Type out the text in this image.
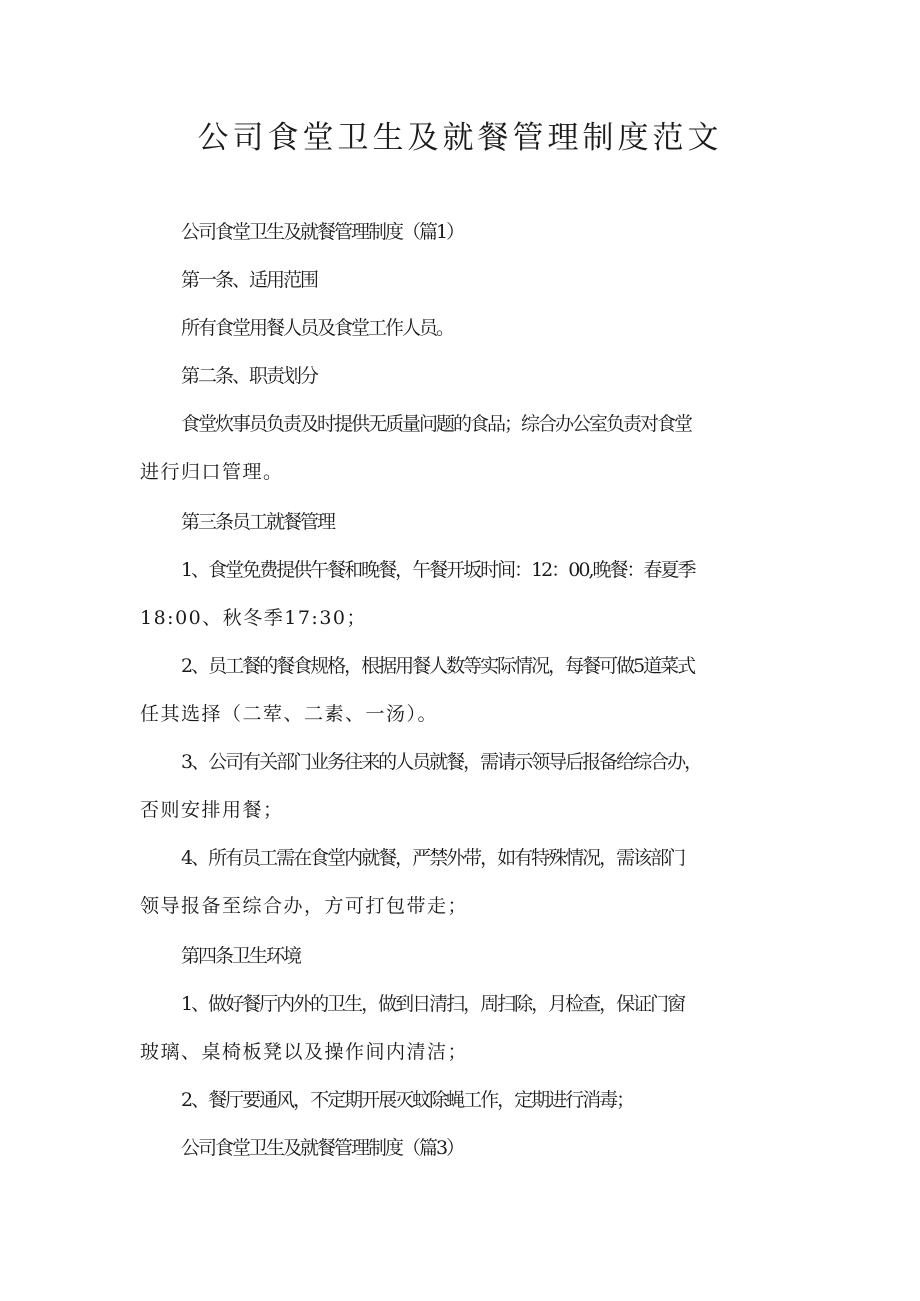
公司食堂卫生及就餐管理制度范文

公司食堂卫生及就餐管理制度（篇1）

第一条、适用范围

所有食堂用餐人员及食堂工作人员。

第二条、职责划分

食堂炊事员负责及时提供无质量问题的食品；综合办公室负责对食堂

进行归口管理。

第三条员工就餐管理

1、食堂免费提供午餐和晚餐，午餐开坂时间：12：00,晚餐：春夏季

18:00、秋冬季17:30；

2、员工餐的餐食规格，根据用餐人数等实际情况，每餐可做5道菜式

任其选择（二荤、二素、一汤）。

3、公司有关部门业务往来的人员就餐，需请示领导后报备给综合办，

否则安排用餐；

4、所有员工需在食堂内就餐，严禁外带，如有特殊情况，需该部门

领导报备至综合办，方可打包带走；

第四条卫生环境

1、做好餐厅内外的卫生，做到日清扫，周扫除，月检查，保证门窗

玻璃、桌椅板凳以及操作间内清洁；

2、餐厅要通风，不定期开展灭蚊除蝇工作，定期进行消毒；

公司食堂卫生及就餐管理制度（篇3）
